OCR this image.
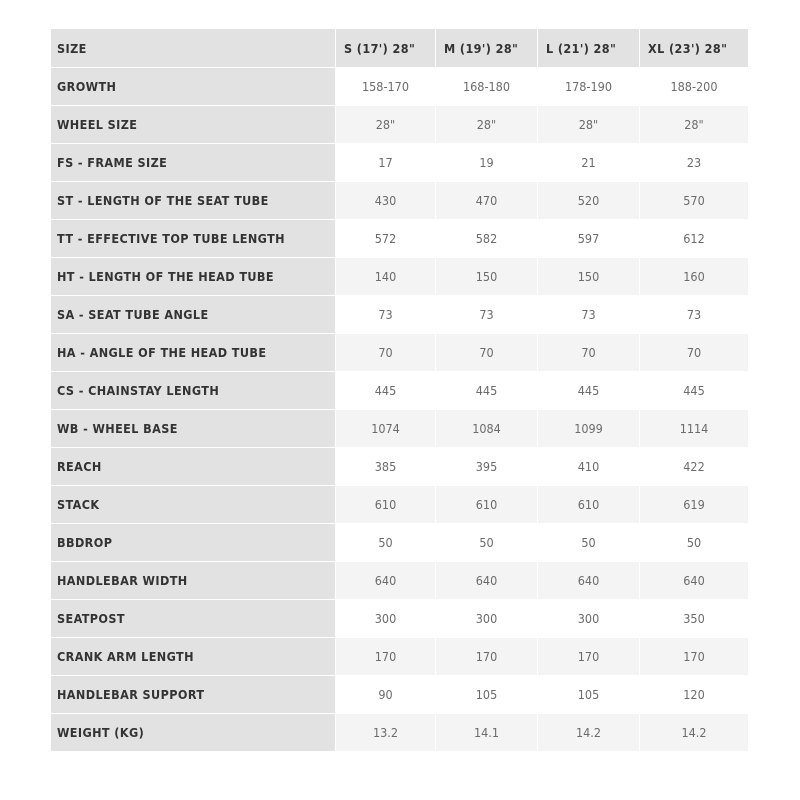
SIZE	S (17') 28"	M (19') 28"	L (21') 28"	XL (23') 28"
GROWTH	158-170	168-180	178-190	188-200
WHEEL SIZE	28"	28"	28"	28"
FS - FRAME SIZE	17	19	21	23
ST - LENGTH OF THE SEAT TUBE	430	470	520	570
TT - EFFECTIVE TOP TUBE LENGTH	572	582	597	612
HT - LENGTH OF THE HEAD TUBE	140	150	150	160
SA - SEAT TUBE ANGLE	73	73	73	73
HA - ANGLE OF THE HEAD TUBE	70	70	70	70
CS - CHAINSTAY LENGTH	445	445	445	445
WB - WHEEL BASE	1074	1084	1099	1114
REACH	385	395	410	422
STACK	610	610	610	619
BBDROP	50	50	50	50
HANDLEBAR WIDTH	640	640	640	640
SEATPOST	300	300	300	350
CRANK ARM LENGTH	170	170	170	170
HANDLEBAR SUPPORT	90	105	105	120
WEIGHT (KG)	13.2	14.1	14.2	14.2
